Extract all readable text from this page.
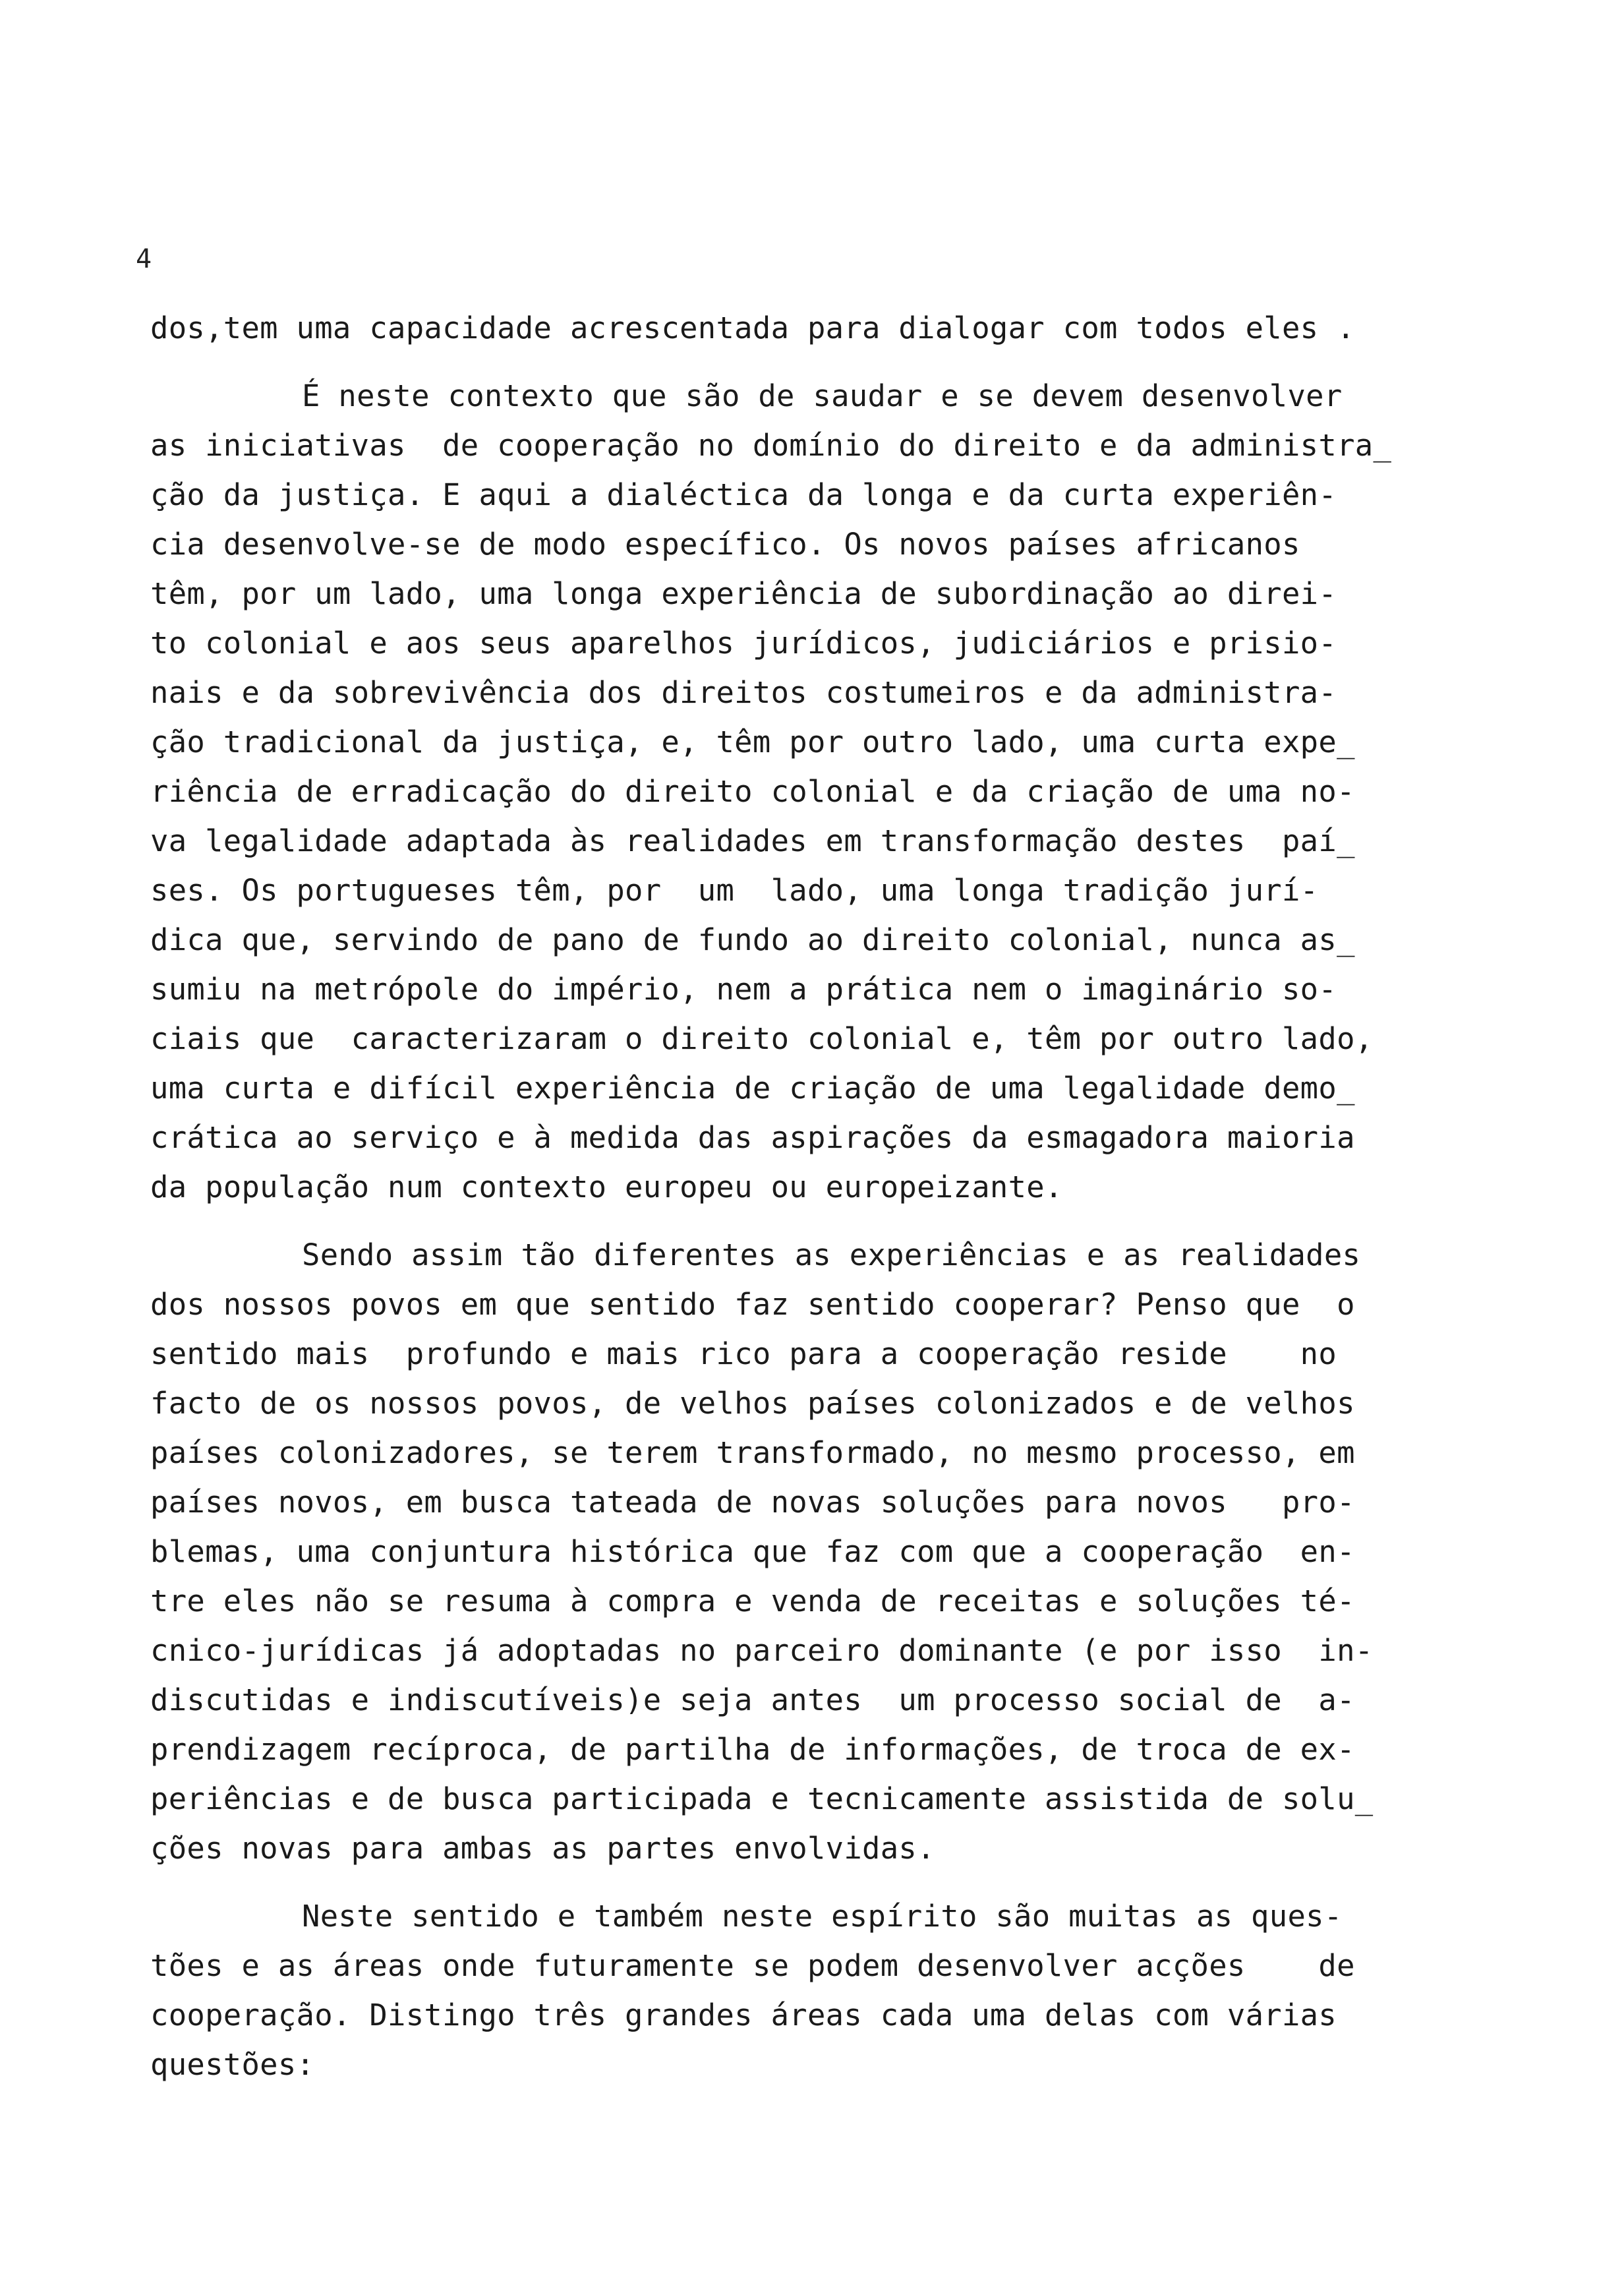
4
dos,tem uma capacidade acrescentada para dialogar com todos eles .
É neste contexto que são de saudar e se devem desenvolver
as iniciativas  de cooperação no domínio do direito e da administra_
ção da justiça. E aqui a dialéctica da longa e da curta experiên-
cia desenvolve-se de modo específico. Os novos países africanos
têm, por um lado, uma longa experiência de subordinação ao direi-
to colonial e aos seus aparelhos jurídicos, judiciários e prisio-
nais e da sobrevivência dos direitos costumeiros e da administra-
ção tradicional da justiça, e, têm por outro lado, uma curta expe_
riência de erradicação do direito colonial e da criação de uma no-
va legalidade adaptada às realidades em transformação destes  paí_
ses. Os portugueses têm, por  um  lado, uma longa tradição jurí-
dica que, servindo de pano de fundo ao direito colonial, nunca as_
sumiu na metrópole do império, nem a prática nem o imaginário so-
ciais que  caracterizaram o direito colonial e, têm por outro lado,
uma curta e difícil experiência de criação de uma legalidade demo_
crática ao serviço e à medida das aspirações da esmagadora maioria
da população num contexto europeu ou europeizante.
Sendo assim tão diferentes as experiências e as realidades
dos nossos povos em que sentido faz sentido cooperar? Penso que  o
sentido mais  profundo e mais rico para a cooperação reside    no
facto de os nossos povos, de velhos países colonizados e de velhos
países colonizadores, se terem transformado, no mesmo processo, em
países novos, em busca tateada de novas soluções para novos   pro-
blemas, uma conjuntura histórica que faz com que a cooperação  en-
tre eles não se resuma à compra e venda de receitas e soluções té-
cnico-jurídicas já adoptadas no parceiro dominante (e por isso  in-
discutidas e indiscutíveis)e seja antes  um processo social de  a-
prendizagem recíproca, de partilha de informações, de troca de ex-
periências e de busca participada e tecnicamente assistida de solu_
ções novas para ambas as partes envolvidas.
Neste sentido e também neste espírito são muitas as ques-
tões e as áreas onde futuramente se podem desenvolver acções    de
cooperação. Distingo três grandes áreas cada uma delas com várias
questões:
